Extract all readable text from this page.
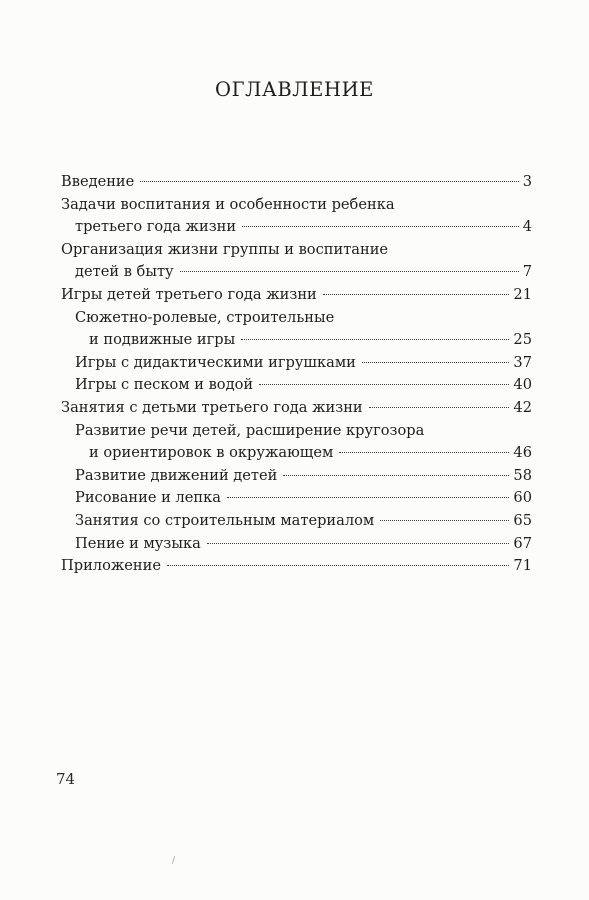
ОГЛАВЛЕНИЕ
Введение	3
Задачи воспитания и особенности ребенка
третьего года жизни	4
Организация жизни группы и воспитание
детей в быту	7
Игры детей третьего года жизни	21
Сюжетно-ролевые, строительные
и подвижные игры	25
Игры с дидактическими игрушками	37
Игры с песком и водой	40
Занятия с детьми третьего года жизни	42
Развитие речи детей, расширение кругозора
и ориентировок в окружающем	46
Развитие движений детей	58
Рисование и лепка	60
Занятия со строительным материалом	65
Пение и музыка	67
Приложение	71
74
/
